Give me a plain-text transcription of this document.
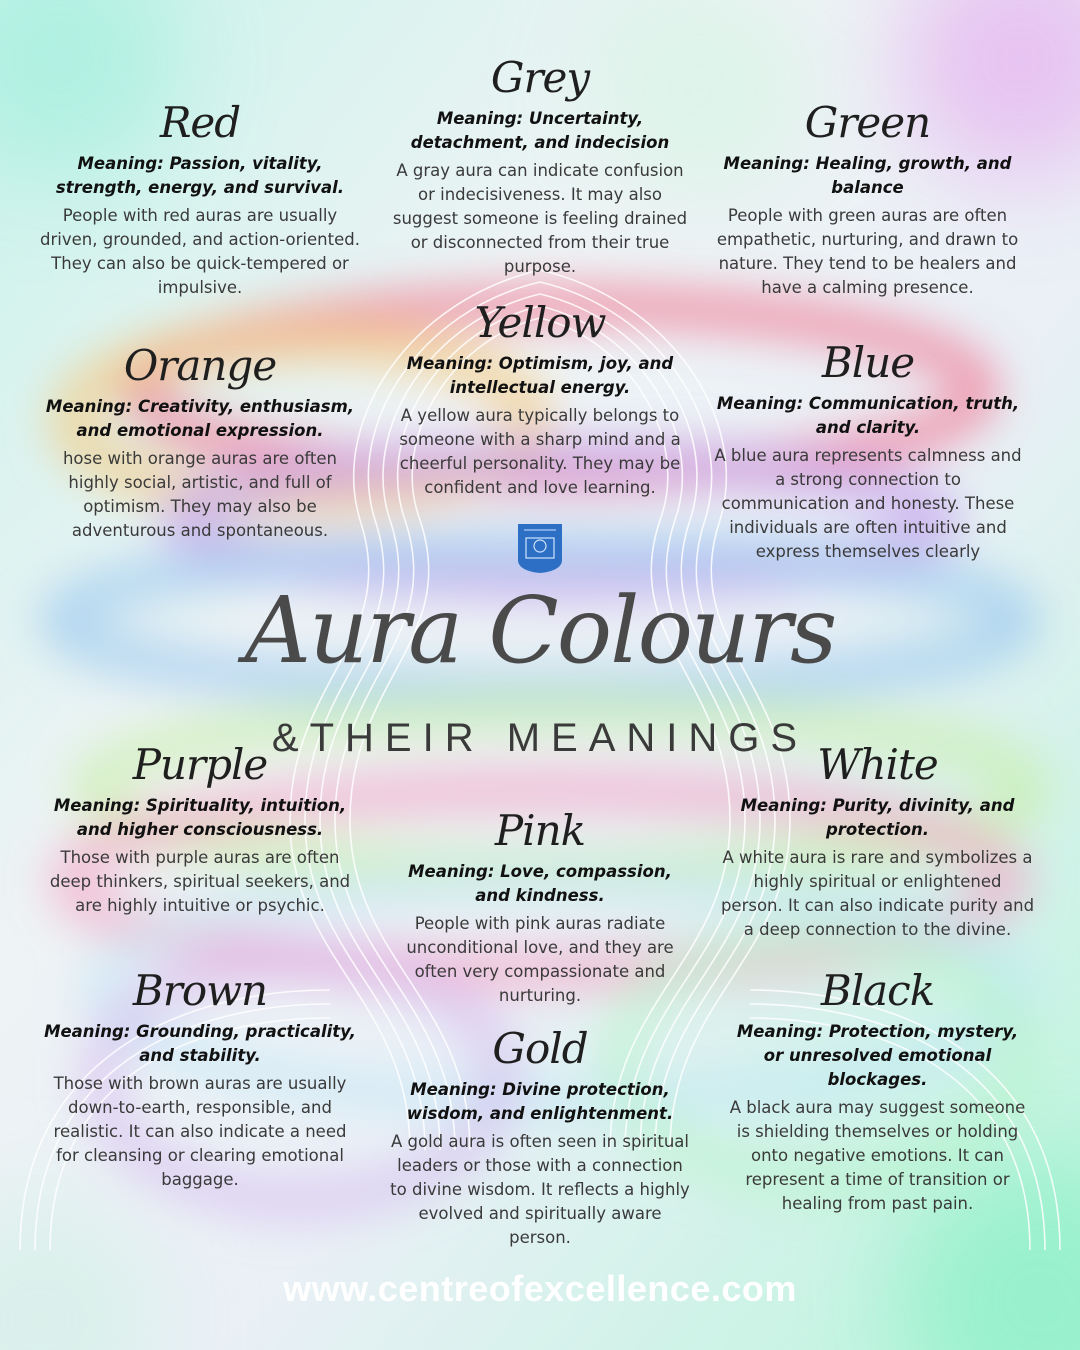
Red
Meaning: Passion, vitality, strength, energy, and survival.
People with red auras are usually driven, grounded, and action-oriented. They can also be quick-tempered or impulsive.
Grey
Meaning: Uncertainty, detachment, and indecision
A gray aura can indicate confusion or indecisiveness. It may also suggest someone is feeling drained or disconnected from their true purpose.
Green
Meaning: Healing, growth, and balance
People with green auras are often empathetic, nurturing, and drawn to nature. They tend to be healers and have a calming presence.
Orange
Meaning: Creativity, enthusiasm, and emotional expression.
hose with orange auras are often highly social, artistic, and full of optimism. They may also be adventurous and spontaneous.
Yellow
Meaning: Optimism, joy, and intellectual energy.
A yellow aura typically belongs to someone with a sharp mind and a cheerful personality. They may be confident and love learning.
Blue
Meaning: Communication, truth, and clarity.
A blue aura represents calmness and a strong connection to communication and honesty. These individuals are often intuitive and express themselves clearly
Aura Colours
&THEIR MEANINGS
Purple
Meaning: Spirituality, intuition, and higher consciousness.
Those with purple auras are often deep thinkers, spiritual seekers, and are highly intuitive or psychic.
Pink
Meaning: Love, compassion, and kindness.
People with pink auras radiate unconditional love, and they are often very compassionate and nurturing.
White
Meaning: Purity, divinity, and protection.
A white aura is rare and symbolizes a highly spiritual or enlightened person. It can also indicate purity and a deep connection to the divine.
Brown
Meaning: Grounding, practicality, and stability.
Those with brown auras are usually down-to-earth, responsible, and realistic. It can also indicate a need for cleansing or clearing emotional baggage.
Gold
Meaning: Divine protection, wisdom, and enlightenment.
A gold aura is often seen in spiritual leaders or those with a connection to divine wisdom. It reflects a highly evolved and spiritually aware person.
Black
Meaning: Protection, mystery, or unresolved emotional blockages.
A black aura may suggest someone is shielding themselves or holding onto negative emotions. It can represent a time of transition or healing from past pain.
www.centreofexcellence.com
